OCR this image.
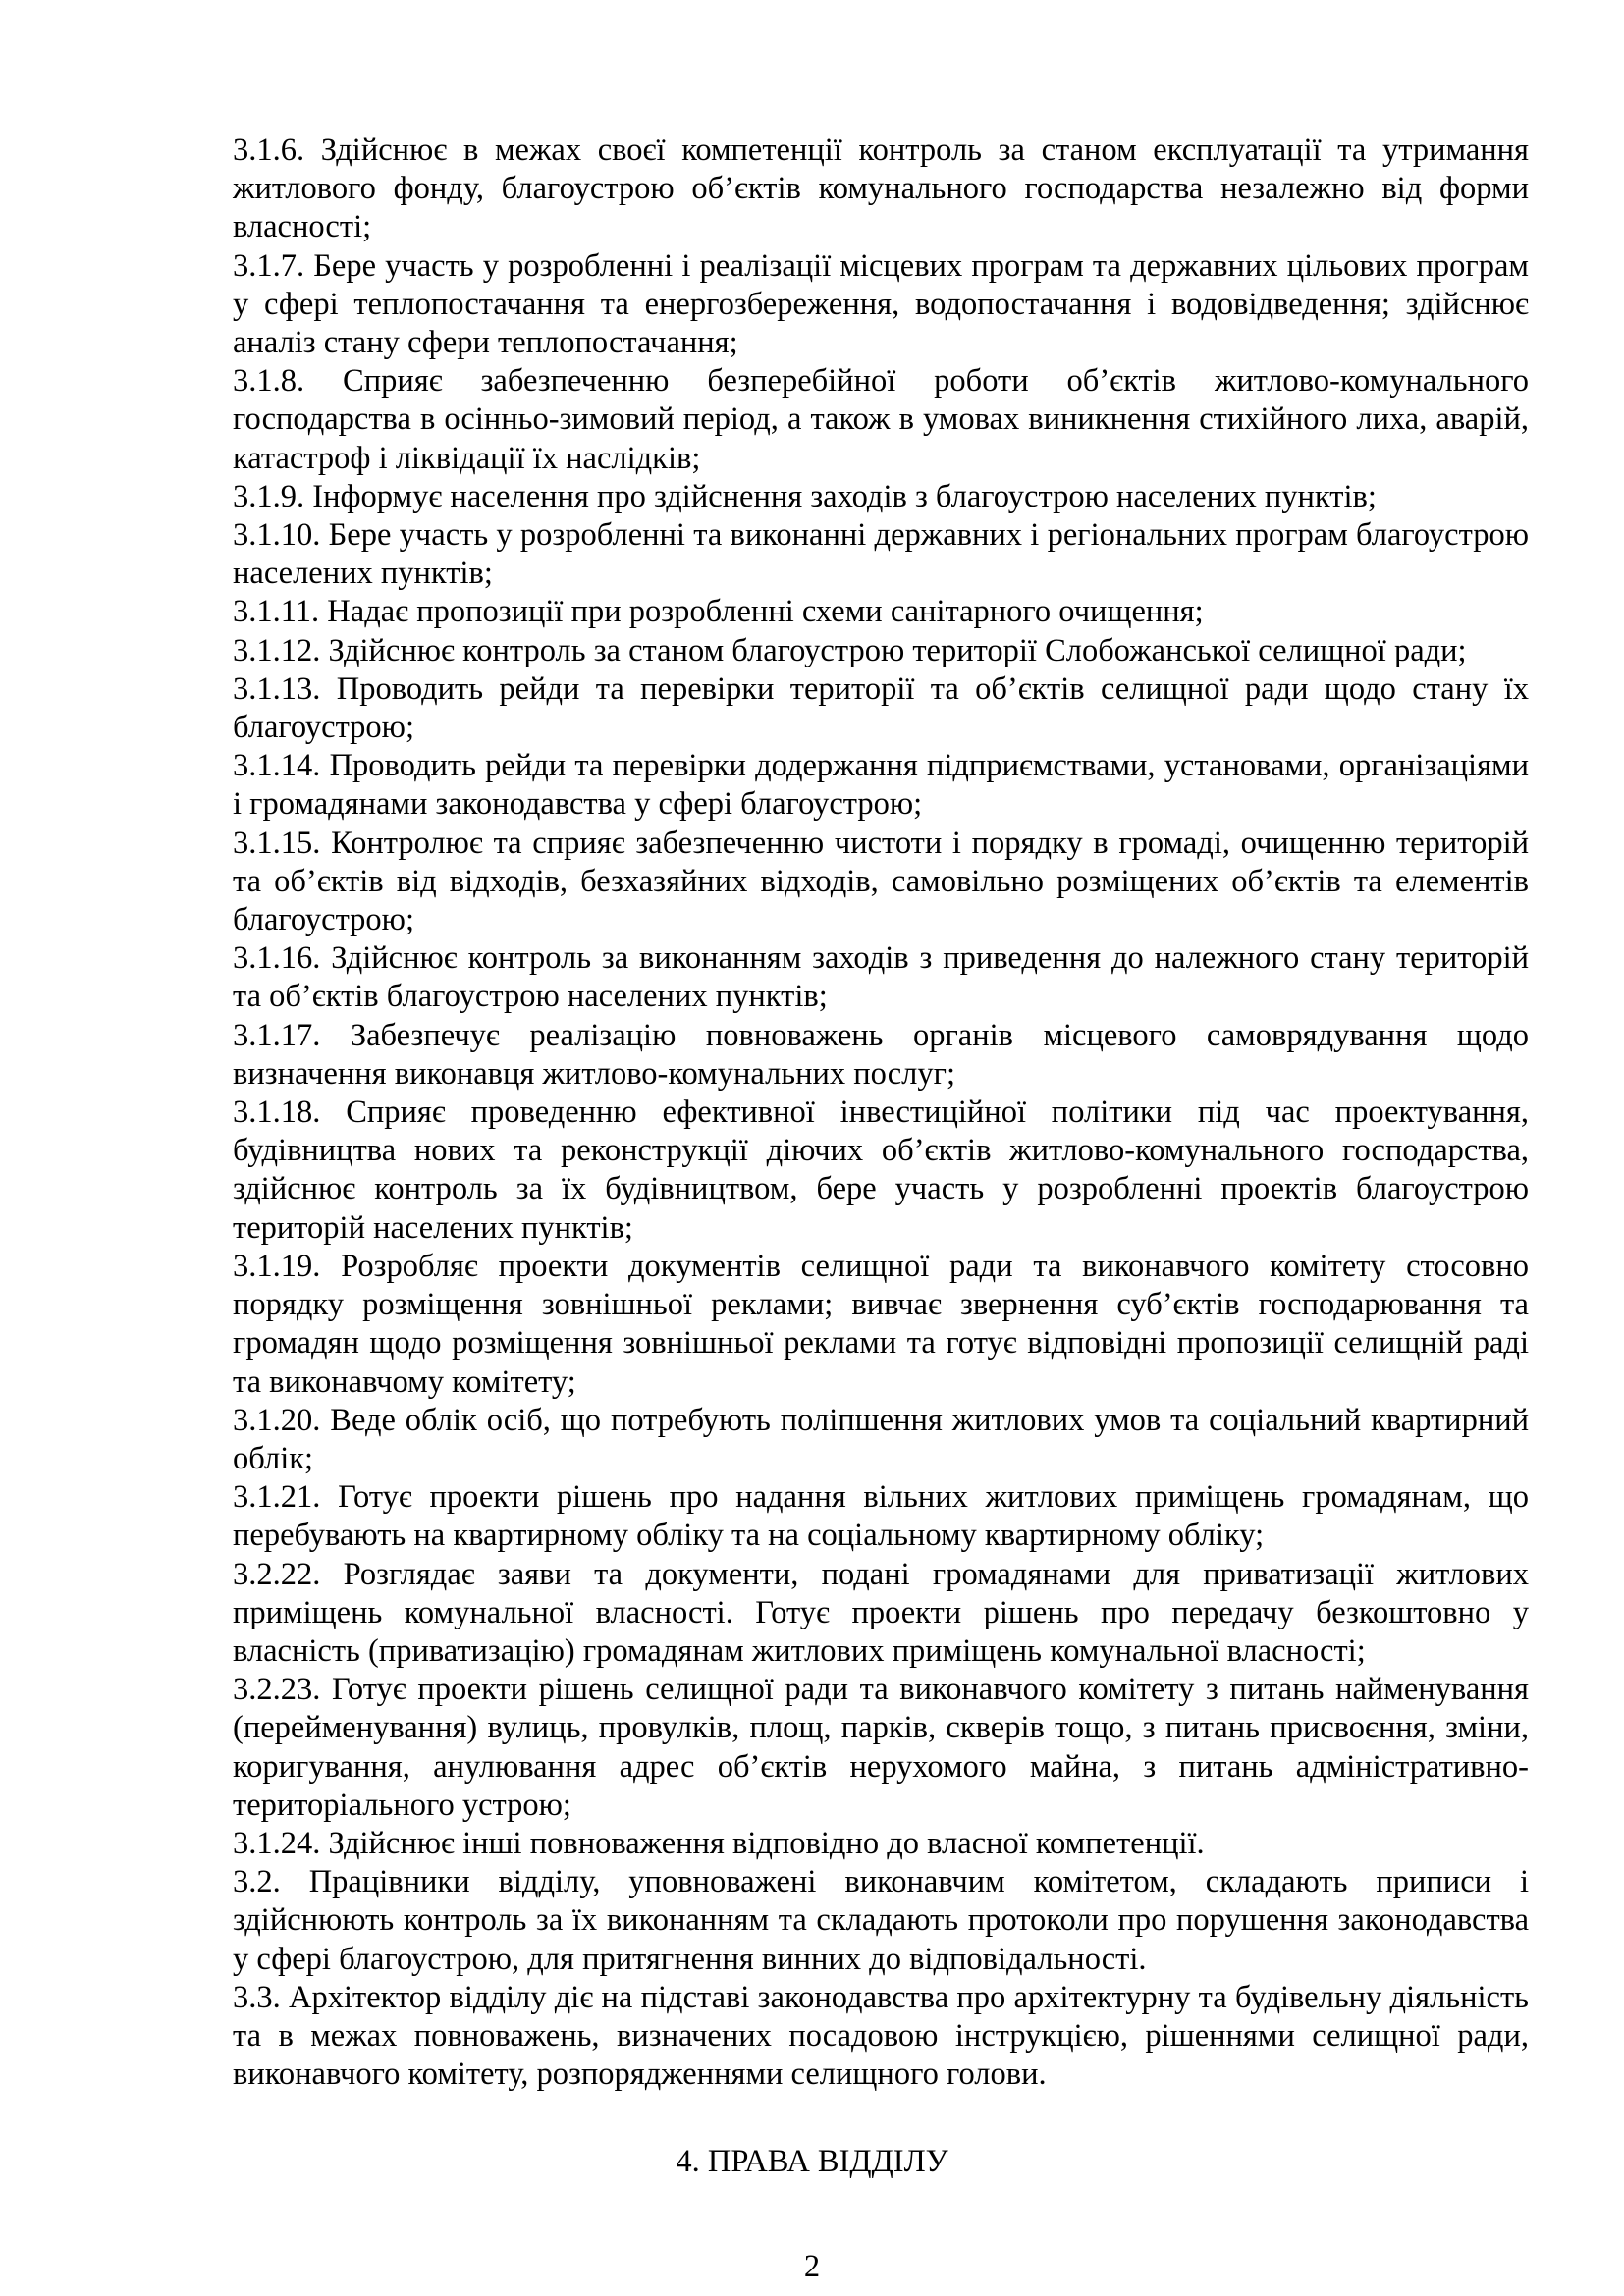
3.1.6. Здійснює в межах своєї компетенції контроль за станом експлуатації та утримання житлового фонду, благоустрою об’єктів комунального господарства незалежно від форми власності;

3.1.7. Бере участь у розробленні і реалізації місцевих програм та державних цільових програм у сфері теплопостачання та енергозбереження, водопостачання і водовідведення; здійснює аналіз стану сфери теплопостачання;

3.1.8. Сприяє забезпеченню безперебійної роботи об’єктів житлово-комунального господарства в осінньо-зимовий період, а також в умовах виникнення стихійного лиха, аварій, катастроф і ліквідації їх наслідків;

3.1.9. Інформує населення про здійснення заходів з благоустрою населених пунктів;

3.1.10. Бере участь у розробленні та виконанні державних і регіональних програм благоустрою населених пунктів;

3.1.11. Надає пропозиції при розробленні схеми санітарного очищення;

3.1.12. Здійснює контроль за станом благоустрою території Слобожанської селищної ради;

3.1.13. Проводить рейди та перевірки території та об’єктів селищної ради щодо стану їх благоустрою;

3.1.14. Проводить рейди та перевірки додержання підприємствами, установами, організаціями і громадянами законодавства у сфері благоустрою;

3.1.15. Контролює та сприяє забезпеченню чистоти і порядку в громаді, очищенню територій та об’єктів від відходів, безхазяйних відходів, самовільно розміщених об’єктів та елементів благоустрою;

3.1.16. Здійснює контроль за виконанням заходів з приведення до належного стану територій та об’єктів благоустрою населених пунктів;

3.1.17. Забезпечує реалізацію повноважень органів місцевого самоврядування щодо визначення виконавця житлово-комунальних послуг;

3.1.18. Сприяє проведенню ефективної інвестиційної політики під час проектування, будівництва нових та реконструкції діючих об’єктів житлово-комунального господарства, здійснює контроль за їх будівництвом, бере участь у розробленні проектів благоустрою територій населених пунктів;

3.1.19. Розробляє проекти документів селищної ради та виконавчого комітету стосовно порядку розміщення зовнішньої реклами; вивчає звернення суб’єктів господарювання та громадян щодо розміщення зовнішньої реклами та готує відповідні пропозиції селищній раді та виконавчому комітету;

3.1.20. Веде облік осіб, що потребують поліпшення житлових умов та соціальний квартирний облік;

3.1.21. Готує проекти рішень про надання вільних житлових приміщень громадянам, що перебувають на квартирному обліку та на соціальному квартирному обліку;

3.2.22. Розглядає заяви та документи, подані громадянами для приватизації житлових приміщень комунальної власності. Готує проекти рішень про передачу безкоштовно у власність (приватизацію) громадянам житлових приміщень комунальної власності;

3.2.23. Готує проекти рішень селищної ради та виконавчого комітету з питань найменування (перейменування) вулиць, провулків, площ, парків, скверів тощо, з питань присвоєння, зміни, коригування, анулювання адрес об’єктів нерухомого майна, з питань адміністративно-територіального устрою;

3.1.24. Здійснює інші повноваження відповідно до власної компетенції.

3.2. Працівники відділу, уповноважені виконавчим комітетом, складають приписи і здійснюють контроль за їх виконанням та складають протоколи про порушення законодавства у сфері благоустрою, для притягнення винних до відповідальності.

3.3. Архітектор відділу діє на підставі законодавства про архітектурну та будівельну діяльність та в межах повноважень, визначених посадовою інструкцією, рішеннями селищної ради, виконавчого комітету, розпорядженнями селищного голови.

4. ПРАВА ВІДДІЛУ

2
